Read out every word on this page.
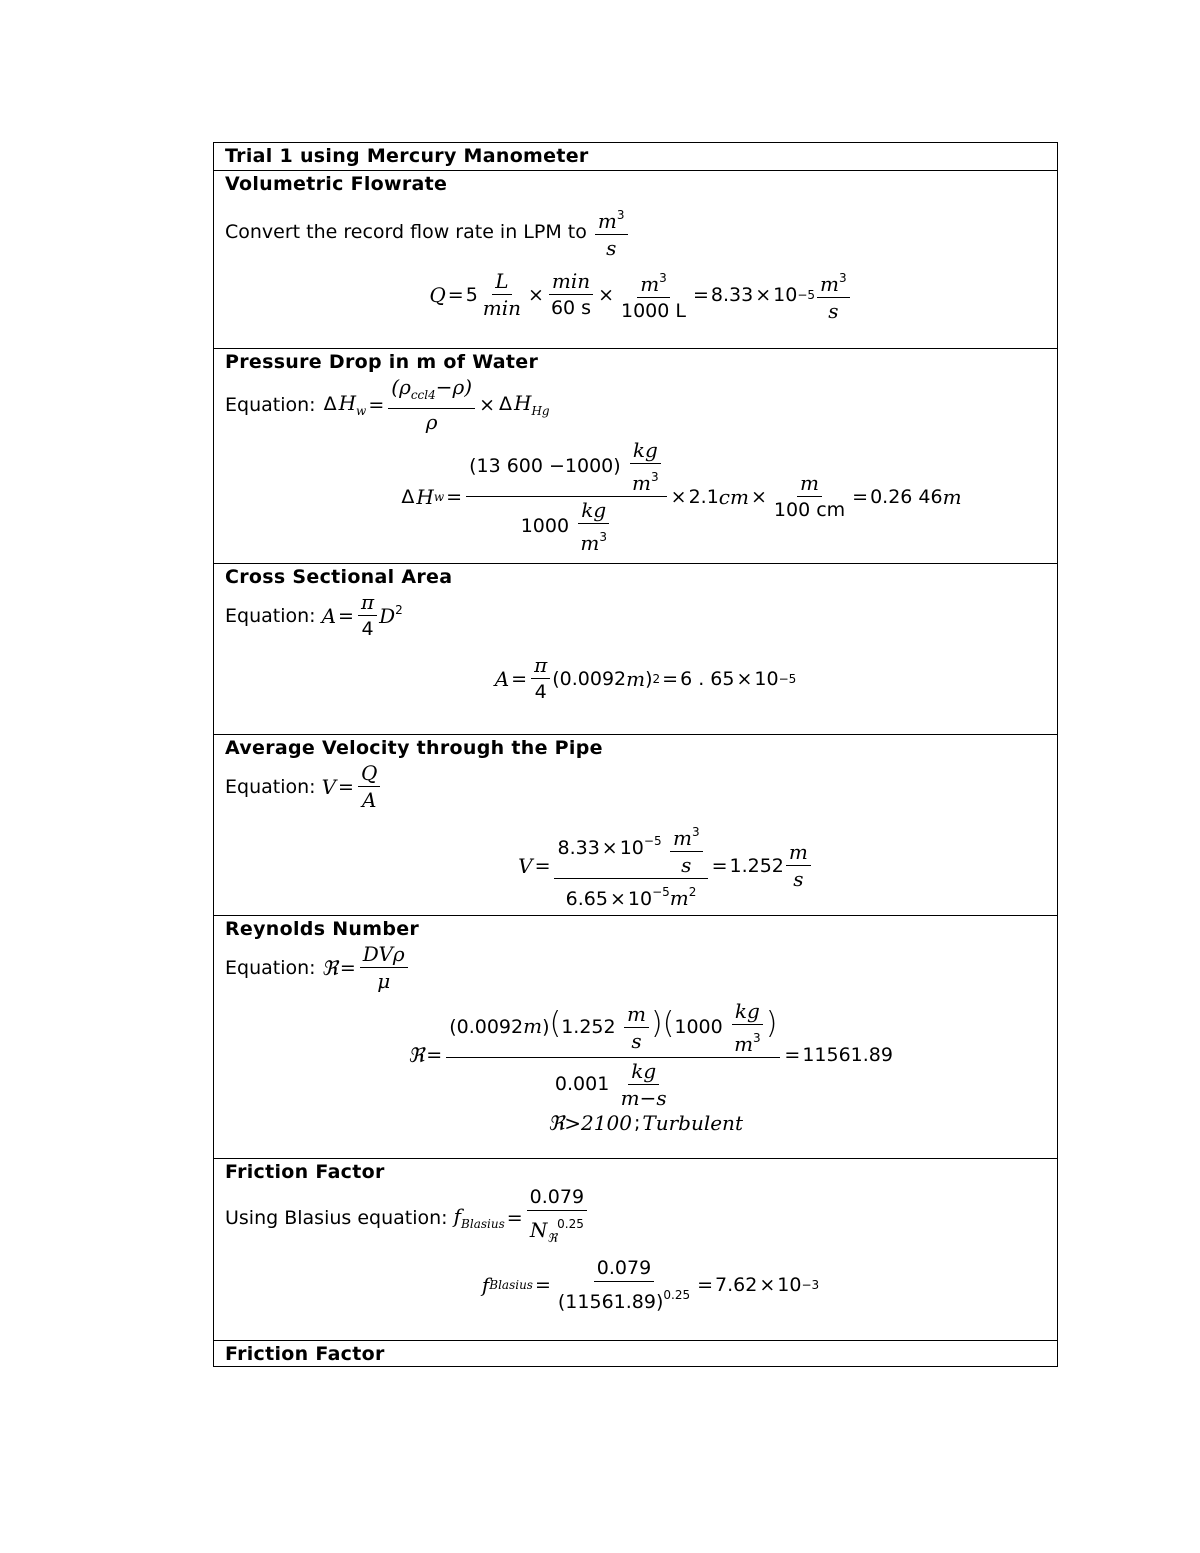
Trial 1 using Mercury Manometer
Volumetric Flowrate
Convert the record flow rate in LPM to
$\frac{m^3}{s}$
$Q = 5 \frac{L}{\min} \times \frac{\min}{60 s} \times \frac{m^3}{1000 L} = 8.33 \times 10 -5 \frac{m^3}{s}$
Pressure Drop in m of Water
Equation:
Δ $H_w = \frac{(\rho_{ccl4}-\rho)}{\rho} \times \Delta$ $H_{Hg}$
Δ H $w = \frac{(13 600 -1000) \frac{kg}{m^3}}{1000 \frac{kg}{m^3}} \times 2.1$ cm × $\frac{m}{100 cm} = 0.26$ 46 m
Cross Sectional Area
Equation:
$A = \frac{\pi}{4} D^2$
$A = \frac{\pi}{4} (0.0092$ m ) 2 = 6 . 65 × 10 −5
Average Velocity through the Pipe
Equation:
$V = \frac{Q}{A}$
$V = \frac{8.33 \times 10^{-5} \frac{m^3}{s}}{6.65 \times 10^{-5}m^2} = 1.252 \frac{m}{s}$
Reynolds Number
Equation:
ℜ = $\frac{\text{DVρ}}{\mu}$
ℜ = $\frac{(0.0092m)(1.252 \frac{m}{s} )(1000 \frac{kg}{m^3} )}{0.001 \frac{kg}{m-s}} = 11561.89$
ℜ>2100 ; Turbulent
Friction Factor
Using Blasius equation:
$f_{Blasius} = \frac{0.079}{N_ℜ^{0.25}}$
f Blasius = $\frac{0.079}{(11561.89)^{0.25}} = 7.62 \times 10 -3$
Friction Factor
